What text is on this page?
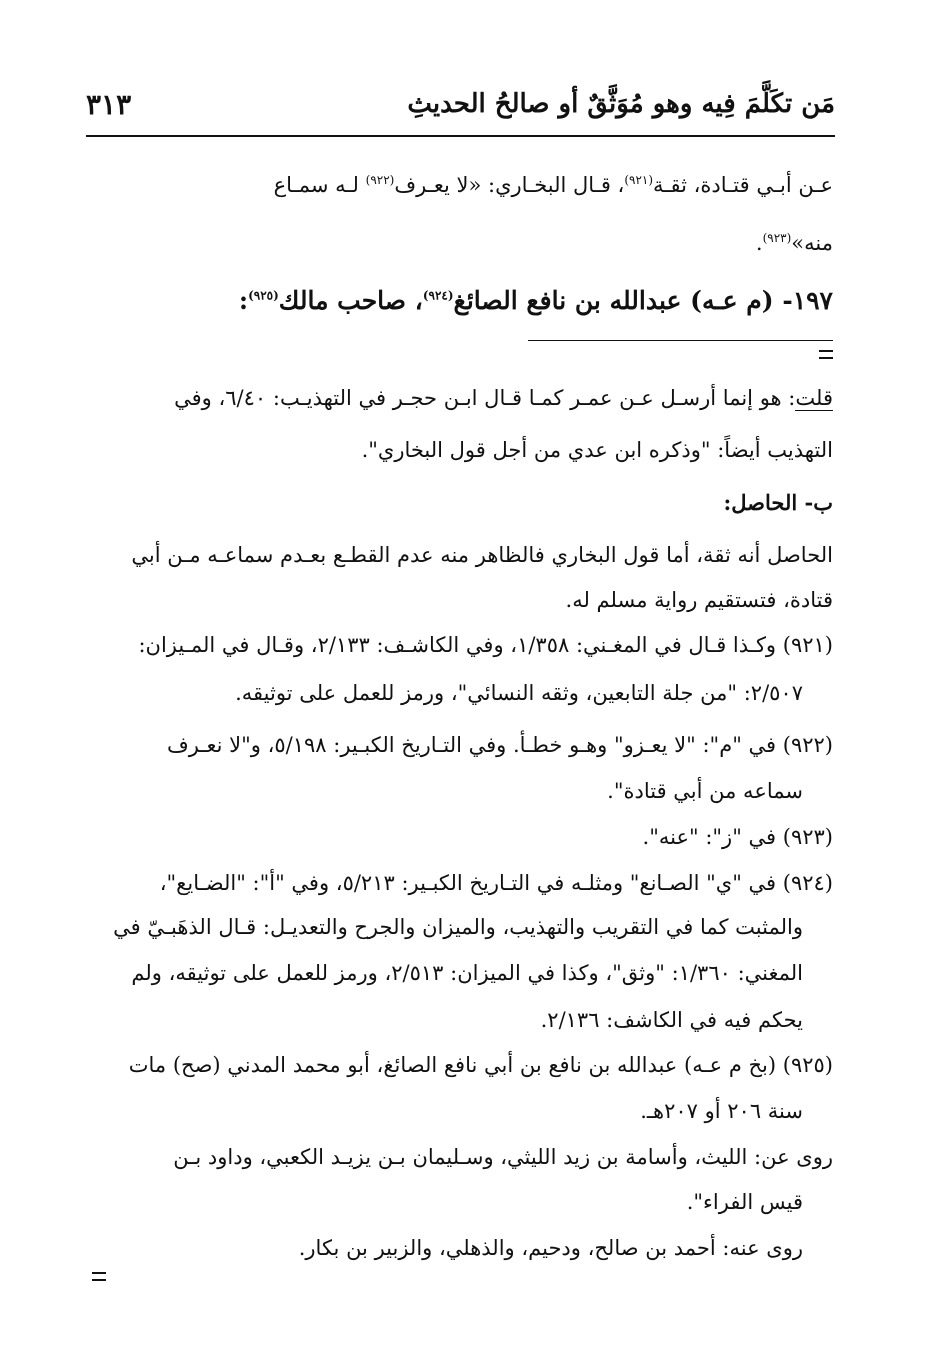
٣١٣	مَن تكَلَّمَ فِيه وهو مُوَثَّقٌ أو صالحُ الحديثِ
عـن أبـي قتـادة، ثقـة$^{(٩٢١)}$، قـال البخـاري: «لا يعـرف$^{(٩٢٢)}$ لـه سمـاع
منه»$^{(٩٢٣)}$.
١٩٧- (م عـه) عبدالله بن نافع الصائغ$^{(٩٢٤)}$، صاحب مالك$^{(٩٢٥)}$:
قلت: هو إنما أرسـل عـن عمـر كمـا قـال ابـن حجـر في التهذيـب: ٦/٤٠، وفي
التهذيب أيضاً: "وذكره ابن عدي من أجل قول البخاري".
ب- الحاصل:
الحاصل أنه ثقة، أما قول البخاري فالظاهر منه عدم القطـع بعـدم سماعـه مـن أبي
قتادة، فتستقيم رواية مسلم له.
(٩٢١) وكـذا قـال في المغـني: ١/٣٥٨، وفي الكاشـف: ٢/١٣٣، وقـال في المـيزان:
٢/٥٠٧: "من جلة التابعين، وثقه النسائي"، ورمز للعمل على توثيقه.
(٩٢٢) في "م": "لا يعـزو" وهـو خطـأ. وفي التـاريخ الكبـير: ٥/١٩٨، و"لا نعـرف
سماعه من أبي قتادة".
(٩٢٣) في "ز": "عنه".
(٩٢٤) في "ي" الصـانع" ومثلـه في التـاريخ الكبـير: ٥/٢١٣، وفي "أ": "الضـايع"،
والمثبت كما في التقريب والتهذيب، والميزان والجرح والتعديـل: قـال الذهَبـيّ في
المغني: ١/٣٦٠: "وثق"، وكذا في الميزان: ٢/٥١٣، ورمز للعمل على توثيقه، ولم
يحكم فيه في الكاشف: ٢/١٣٦.
(٩٢٥) (بخ م عـه) عبدالله بن نافع بن أبي نافع الصائغ، أبو محمد المدني (صح) مات
سنة ٢٠٦ أو ٢٠٧هـ.
روى عن: الليث، وأسامة بن زيد الليثي، وسـليمان بـن يزيـد الكعبي، وداود بـن
قيس الفراء".
روى عنه: أحمد بن صالح، ودحيم، والذهلي، والزبير بن بكار.
